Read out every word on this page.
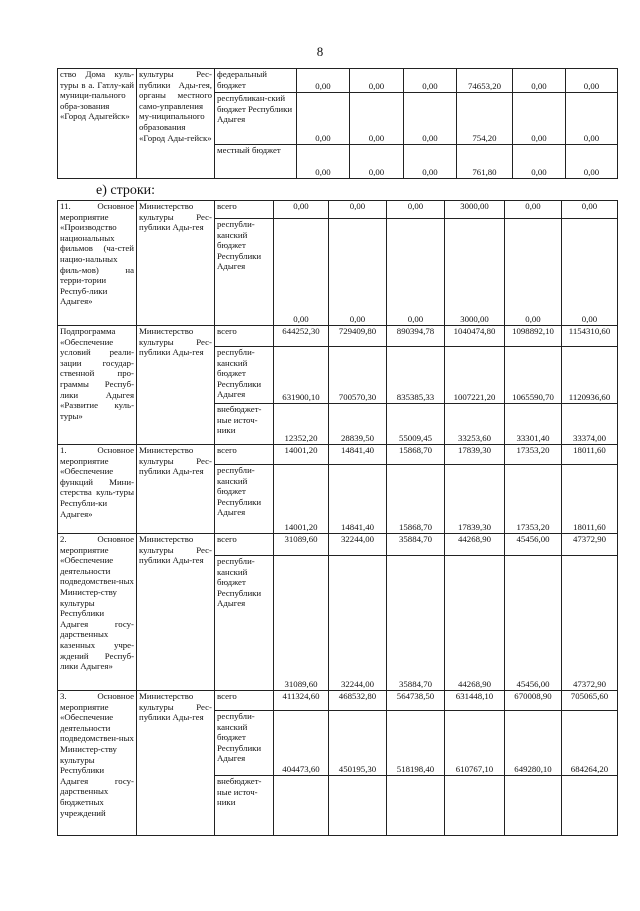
8
ство Дома куль-туры в а. Гатлу-кай муници-пального обра-зования «Город Адыгейск»	культуры Рес-публики Ады-гея, органы местного само-управления му-ниципального образования «Город Ады-гейск»	федеральный бюджет	0,00	0,00	0,00	74653,20	0,00	0,00
		республикан-ский бюджет Республики Адыгея	0,00	0,00	0,00	754,20	0,00	0,00
		местный бюджет	0,00	0,00	0,00	761,80	0,00	0,00
е) строки:
11. Основное мероприятие «Производство национальных фильмов (ча-стей нацио-нальных филь-мов) на терри-тории Респуб-лики Адыгея»	Министерство культуры Рес-публики Ады-гея	всего	0,00	0,00	0,00	3000,00	0,00	0,00
		республи-канский бюджет Республики Адыгея	0,00	0,00	0,00	3000,00	0,00	0,00
Подпрограмма «Обеспечение условий реали-зации государ-ственной про-граммы Респуб-лики Адыгея «Развитие куль-туры»	Министерство культуры Рес-публики Ады-гея	всего	644252,30	729409,80	890394,78	1040474,80	1098892,10	1154310,60
		республи-канский бюджет Республики Адыгея	631900,10	700570,30	835385,33	1007221,20	1065590,70	1120936,60
		внебюджет-ные источ-ники	12352,20	28839,50	55009,45	33253,60	33301,40	33374,00
1. Основное мероприятие «Обеспечение функций Мини-стерства куль-туры Республи-ки Адыгея»	Министерство культуры Рес-публики Ады-гея	всего	14001,20	14841,40	15868,70	17839,30	17353,20	18011,60
		республи-канский бюджет Республики Адыгея	14001,20	14841,40	15868,70	17839,30	17353,20	18011,60
2. Основное мероприятие «Обеспечение деятельности подведомствен-ных Министер-ству культуры Республики Адыгея госу-дарственных казенных учре-ждений Респуб-лики Адыгея»	Министерство культуры Рес-публики Ады-гея	всего	31089,60	32244,00	35884,70	44268,90	45456,00	47372,90
		республи-канский бюджет Республики Адыгея	31089,60	32244,00	35884,70	44268,90	45456,00	47372,90
3. Основное мероприятие «Обеспечение деятельности подведомствен-ных Министер-ству культуры Республики Адыгея госу-дарственных бюджетных учреждений	Министерство культуры Рес-публики Ады-гея	всего	411324,60	468532,80	564738,50	631448,10	670008,90	705065,60
		республи-канский бюджет Республики Адыгея	404473,60	450195,30	518198,40	610767,10	649280,10	684264,20
		внебюджет-ные источ-ники						
